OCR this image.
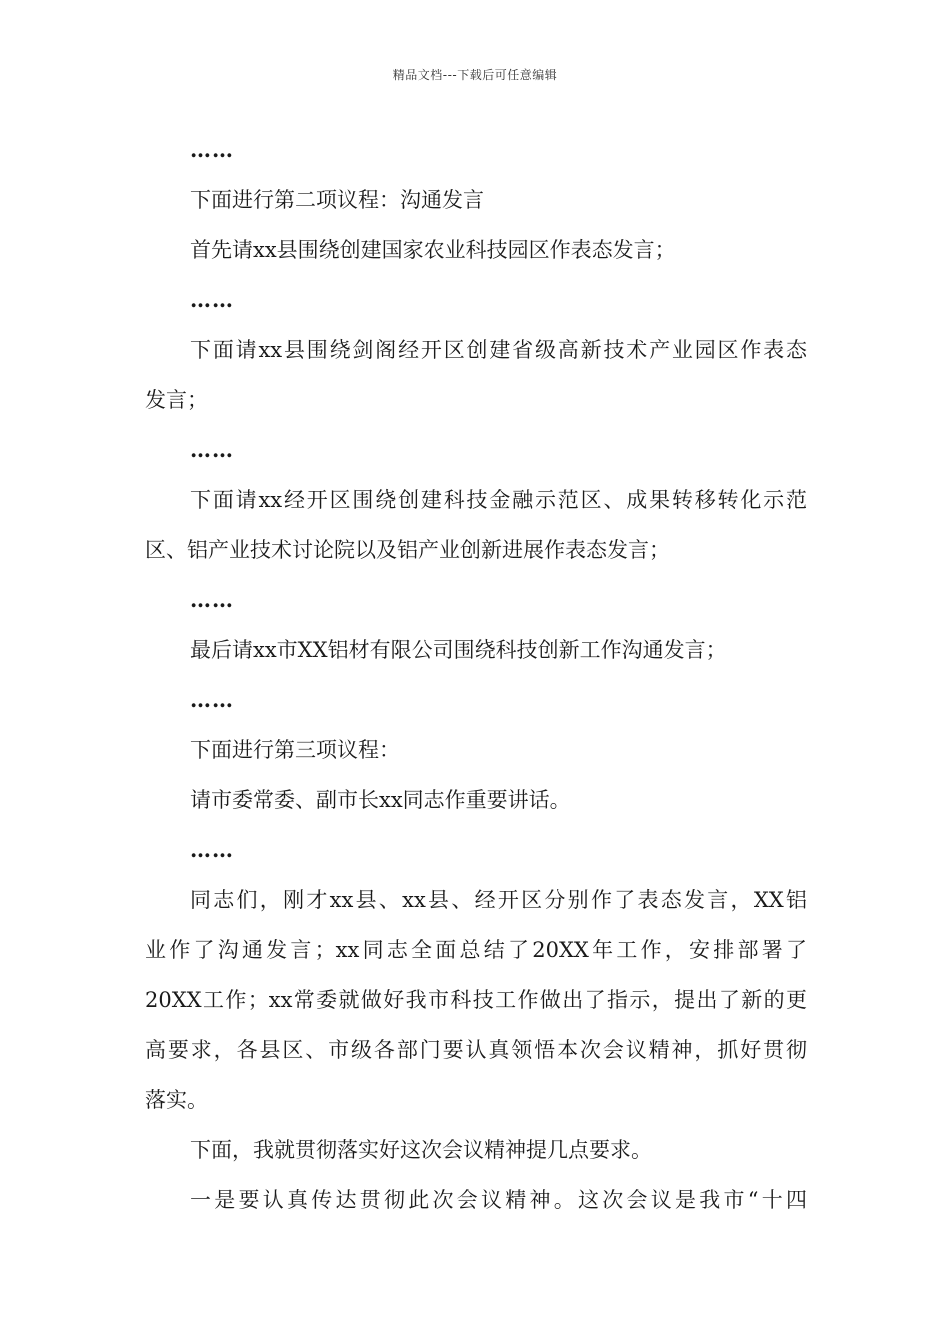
精品文档---下载后可任意编辑
……
下面进行第二项议程：沟通发言
首先请xx县围绕创建国家农业科技园区作表态发言；
……
下面请xx县围绕剑阁经开区创建省级高新技术产业园区作表态
发言；
……
下面请xx经开区围绕创建科技金融示范区、成果转移转化示范
区、铝产业技术讨论院以及铝产业创新进展作表态发言；
……
最后请xx市XX铝材有限公司围绕科技创新工作沟通发言；
……
下面进行第三项议程：
请市委常委、副市长xx同志作重要讲话。
……
同志们，刚才xx县、xx县、经开区分别作了表态发言，XX铝
业作了沟通发言；xx同志全面总结了20XX年工作，安排部署了
20XX工作；xx常委就做好我市科技工作做出了指示，提出了新的更
高要求，各县区、市级各部门要认真领悟本次会议精神，抓好贯彻
落实。
下面，我就贯彻落实好这次会议精神提几点要求。
一是要认真传达贯彻此次会议精神。这次会议是我市“十四
